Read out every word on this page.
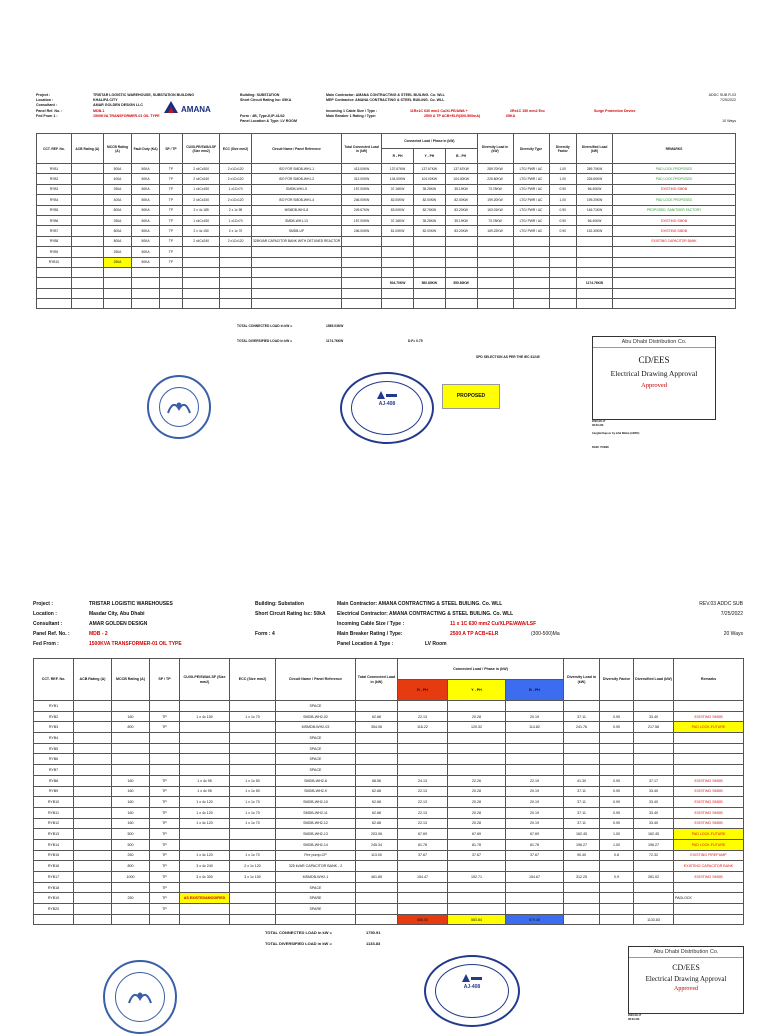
Project :	TRISTAR LOGISTIC WAREHOUSE, SUBSTATION BUILDING
Location :	KHALIFA CITY
Consultant :	AMAR GOLDEN DESIGN LLC
Panel Ref. No. :	MDB-1
Fed From 1 :	1500KVA TRANSFORMER-01 OIL TYPE
AMANA
Building: SUBSTATION
Short Circuit Rating Isc: 65KA
Form : 4B, Type-II,IP-41/42
Panel Location & Type: LV ROOM
Main Contractor: AMANA CONTRACTING & STEEL BUILING. Co. WLL
MEP Contractor: AMANA CONTRACTING & STEEL BUILING. Co. WLL
Incoming 1 Cable Size / Type :	11Rx1C 630 mm2 Cu/XLPE/AWA +	2Rx1C 150 mm2 Ecc
Main Breaker 1 Rating / Type:	2500 A TP ACB+ELR(300-500mA)	65KA
Surge Protection Device
ADDC SUB R-03
7/25/2022
10 Ways
CCT. REF. No.	ACB Rating (A)	MCCB Rating (A)	Fault Duty (KA)	SP / TP	CU/XLPE/SWA/LSF (Size mm2)	ECC (Size mm2)	Circuit Name / Panel Reference	Total Connected Load in (kW)	Connected Load / Phase in (kW)			Diversity Load in (kW)	Diversity Type	Diversity Factor	Diversified Load (kW)	REMARKS
									R - PH	Y - PH	B - PH					
RYB1		500A	50KA	TP	2 x4Cx300	2 x1Cx120	ISO FOR SMDB-WH1-1	413.00KW	137.67KW	137.67KW	137.67KW	289.70KW	LTG/ PWR / AC	1.00	289.70KW	PAD LOCK PROPOSED
RYB2		400A	50KA	TP	2 x4Cx240	2 x1Cx120	ISO FOR SMDB-WH1-2	312.00KW	104.00KW	104.00KW	104.00KW	226.60KW	LTG/ PWR / AC	1.00	226.60KW	PAD LOCK PROPOSED
RYB3		250A	50KA	TP	1 x4Cx150	1 x1Cx70	SMDB-WH1-5	157.00KW	37.16KW	35.28KW	35.19KW	73.78KW	LTG/ PWR / AC	0.90	66.40KW	EXISTING SMDB
RYB4		400A	50KA	TP	2 x4Cx240	2 x1Cx120	ISO FOR SMDB-WH1-4	246.00KW	82.00KW	82.00KW	82.00KW	199.20KW	LTG/ PWR / AC	1.00	199.20KW	PAD LOCK PROPOSED
RYB5		800A	50KA	TP	2 x 4c 185	2 x 1c 95	MSMDB-WH1-8	249.67KW	83.00KW	82.76KW	83.20KW	163.01KW	LTG/ PWR / AC	0.90	146.71KW	PROPOSED, SANITISER FACTORY
RYB6		250A	50KA	TP	1 x4Cx150	1 x1Cx70	SMDB-WH1-13	157.00KW	37.16KW	35.28KW	35.19KW	73.78KW	LTG/ PWR / AC	0.90	66.40KW	EXISTING SMDB
RYB7		800A	50KA	TP	2 x 4c 150	2 x 1c 70	SMDB-UP	246.00KW	81.00KW	82.00KW	83.20KW	169.22KW	LTG/ PWR / AC	0.90	152.30KW	EXISTING SMDB
RYB8		800A	50KA	TP	2 x4Cx240	2 x1Cx120	325KVAR CAPACITOR BANK WITH DETUNED REACTOR									EXISTING CAPACITOR BANK
RYB9		250A	50KA	TP												
RYB10		250A	50KA	TP												

									504.70KW	560.80KW	559.80KW				1174.76KW	

TOTAL CONNECTED LOAD in kW =	1565.03KW
TOTAL DIVERSIFIED LOAD in kW =	1174.76KW	D.F= 0.75
SPD SELECTION AS PER THE IEC 61245
AJ-408
PROPOSED
Abu Dhabi Distribution Co.
CD/EES
Electrical Drawing Approval
Approved
2022-08-17
08:29 AM
Cargilal Kapoor by Iofal Wahai (ADDC)
RGID: 754896
Project :	TRISTAR LOGISTIC WAREHOUSES
Location :	Masdar City, Abu Dhabi
Consultant :	AMAR GOLDEN DESIGN
Panel Ref. No. :	MDB - 2
Fed From :	1500KVA TRANSFORMER-01 OIL TYPE
Building: Substation
Short Circuit Rating Isc: 50kA
Form : 4
Main Contractor: AMANA CONTRACTING & STEEL BUILING. Co. WLL
Electrical Contractor: AMANA CONTRACTING & STEEL BUILING. Co. WLL
Incoming Cable Size / Type :	11 x 1C 630 mm2 Cu/XLPE/AWA/LSF
Main Breaker Rating / Type:	2500 A TP ACB+ELR	(300-500)Ma
Panel Location & Type :	LV Room
REV.03 ADDC SUB
7/25/2022
20 Ways
CCT. REF. No.	ACB Rating (A)	MCCB Rating (A)	SP / TP	CU/XLPE/SWA/LSF (Size mm2)	ECC (Size mm2)	Circuit Name / Panel Reference	Total Connected Load in (kW)	Connected Load / Phase in (kW)			Diversity Load in (kW)	Diversity Factor	Diversified Load (kW)	Remarks
								R - PH	Y - PH	B - PH				
RYB1						SPACE								
RYB2		160	TP	1 x 4c 150	1 x 1c 70	SMDB-WH2-02	62.68	22.13	20.28	20.19	37.11	0.90	33.40	EXISTING SMDB
RYB3		800	TP			MSMDB-WH2-03	354.06	116.22	120.32	114.82	241.76	0.90	217.58	PAD LOCK-FUTURE
RYB4						SPACE								
RYB5						SPACE								
RYB6						SPACE								
RYB7						SPACE								
RYB8		160	TP	1 x 4c 95	1 x 1c 50	SMDB-WH2-8	68.56	24.13	22.26	22.19	41.30	0.90	37.17	EXISTING SMDB
RYB9		160	TP	1 x 4c 95	1 x 1c 50	SMDB-WH2-9	62.68	22.13	20.28	20.19	37.11	0.90	33.40	EXISTING SMDB
RYB10		160	TP	1 x 4c 120	1 x 1c 70	SMDB-WH2-10	62.68	22.13	20.28	20.19	37.11	0.90	33.40	EXISTING SMDB
RYB11		160	TP	1 x 4c 120	1 x 1c 70	SMDB-WH2-11	62.68	22.13	20.28	20.19	37.11	0.90	33.40	EXISTING SMDB
RYB12		160	TP	1 x 4c 120	1 x 1c 70	SMDB-WH2-12	62.68	22.13	20.28	20.19	37.11	0.90	33.40	EXISTING SMDB
RYB13		500	TP			SMDB-WH2-13	203.06	67.69	67.69	67.69	162.45	1.00	162.45	PAD LOCK-FUTURE
RYB14		500	TP			SMDB-WH2-14	245.34	81.78	81.78	81.78	196.27	1.00	196.27	PAD LOCK-FUTURE
RYB15		250	TP	1 x 4c 120	1 x 1c 70	Fire pump-CP	113.00	37.67	37.67	37.67	90.40	0.8	72.32	EXISTING FIREPUMP
RYB16		800	TP	3 x 4c 240	2 x 1c 120	325 kVAR CAPACITOR BANK - 2								EXISTING CAPACITOR BANK
RYB17		1000	TP	3 x 4c 300	3 x 1c 150	MSMDB-WH2-1	461.85	154.47	152.71	154.67	312.25	0.9	281.02	EXISTING SMDB
RYB18			TP			SPACE								
RYB19		250	TP	AS EXISTED&MODIFIED		SPARE								PADLOCK
RYB20			TP			SPARE								
								585.00	583.84	579.46			1133.83	
TOTAL CONNECTED LOAD in kW =	1750.91
TOTAL DIVERSIFIED LOAD in kW =	1133.83
AJ-408
Abu Dhabi Distribution Co.
CD/EES
Electrical Drawing Approval
Approved
2022-08-17
08:29 AM
